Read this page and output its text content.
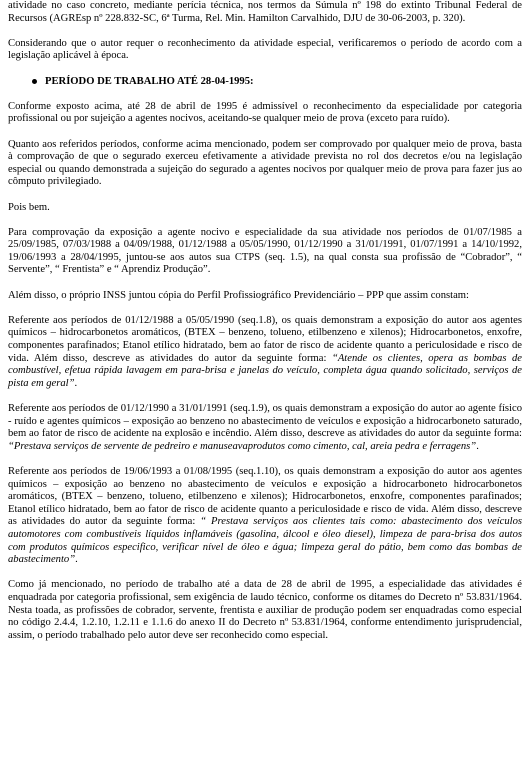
atividade no caso concreto, mediante perícia técnica, nos termos da Súmula nº 198 do extinto Tribunal Federal de Recursos (AGREsp nº 228.832-SC, 6ª Turma, Rel. Min. Hamilton Carvalhido, DJU de 30-06-2003, p. 320).

Considerando que o autor requer o reconhecimento da atividade especial, verificaremos o período de acordo com a legislação aplicável à época.

PERÍODO DE TRABALHO ATÉ 28-04-1995:

Conforme exposto acima, até 28 de abril de 1995 é admissível o reconhecimento da especialidade por categoria profissional ou por sujeição a agentes nocivos, aceitando-se qualquer meio de prova (exceto para ruído).

Quanto aos referidos períodos, conforme acima mencionado, podem ser comprovado por qualquer meio de prova, basta à comprovação de que o segurado exerceu efetivamente a atividade prevista no rol dos decretos e/ou na legislação especial ou quando demonstrada a sujeição do segurado a agentes nocivos por qualquer meio de prova para fazer jus ao cômputo privilegiado.

Pois bem.

Para comprovação da exposição a agente nocivo e especialidade da sua atividade nos períodos de 01/07/1985 a 25/09/1985, 07/03/1988 a 04/09/1988, 01/12/1988 a 05/05/1990, 01/12/1990 a 31/01/1991, 01/07/1991 a 14/10/1992, 19/06/1993 a 28/04/1995, juntou-se aos autos sua CTPS (seq. 1.5), na qual consta sua profissão de “Cobrador”, “ Servente”, “ Frentista” e “ Aprendiz Produção”.

Além disso, o próprio INSS juntou cópia do Perfil Profissiográfico Previdenciário – PPP que assim constam:

Referente aos períodos de 01/12/1988 a 05/05/1990 (seq.1.8), os quais demonstram a exposição do autor aos agentes químicos – hidrocarbonetos aromáticos, (BTEX – benzeno, tolueno, etilbenzeno e xilenos); Hidrocarbonetos, enxofre, componentes parafinados; Etanol etílico hidratado, bem ao fator de risco de acidente quanto a periculosidade e risco de vida. Além disso, descreve as atividades do autor da seguinte forma: “Atende os clientes, opera as bombas de combustível, efetua rápida lavagem em para-brisa e janelas do veículo, completa água quando solicitado, serviços de pista em geral”.

Referente aos períodos de 01/12/1990 a 31/01/1991 (seq.1.9), os quais demonstram a exposição do autor ao agente físico - ruído e agentes químicos – exposição ao benzeno no abastecimento de veículos e exposição a hidrocarboneto saturado, bem ao fator de risco de acidente na explosão e incêndio. Além disso, descreve as atividades do autor da seguinte forma: “Prestava serviços de servente de pedreiro e manuseavaprodutos como cimento, cal, areia pedra e ferragens”.

Referente aos períodos de 19/06/1993 a 01/08/1995 (seq.1.10), os quais demonstram a exposição do autor aos agentes químicos – exposição ao benzeno no abastecimento de veículos e exposição a hidrocarboneto hidrocarbonetos aromáticos, (BTEX – benzeno, tolueno, etilbenzeno e xilenos); Hidrocarbonetos, enxofre, componentes parafinados; Etanol etílico hidratado, bem ao fator de risco de acidente quanto a periculosidade e risco de vida. Além disso, descreve as atividades do autor da seguinte forma: “ Prestava serviços aos clientes tais como: abastecimento dos veículos automotores com combustíveis líquidos inflamáveis (gasolina, álcool e óleo diesel), limpeza de para-brisa dos autos com produtos químicos especifico, verificar nível de óleo e água; limpeza geral do pátio, bem como das bombas de abastecimento”.

Como já mencionado, no período de trabalho até a data de 28 de abril de 1995, a especialidade das atividades é enquadrada por categoria profissional, sem exigência de laudo técnico, conforme os ditames do Decreto nº 53.831/1964. Nesta toada, as profissões de cobrador, servente, frentista e auxiliar de produção podem ser enquadradas como especial no código 2.4.4, 1.2.10, 1.2.11 e 1.1.6 do anexo II do Decreto nº 53.831/1964, conforme entendimento jurisprudencial, assim, o período trabalhado pelo autor deve ser reconhecido como especial.
